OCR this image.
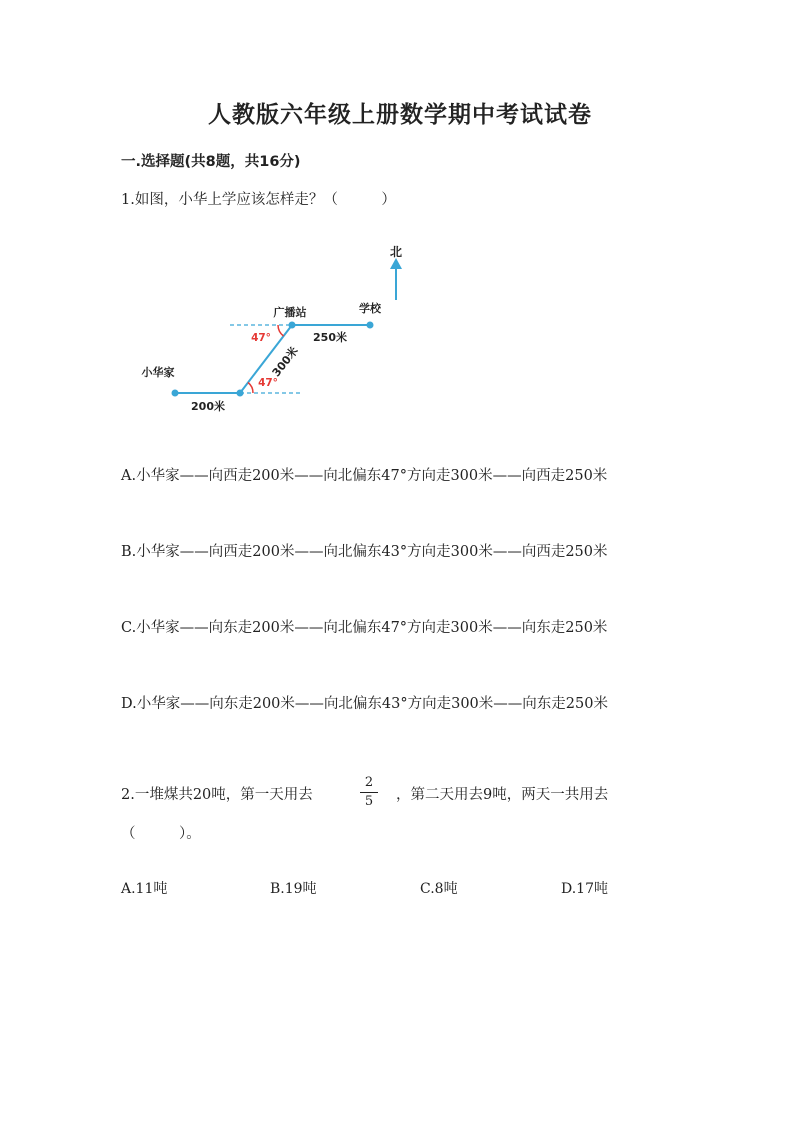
人教版六年级上册数学期中考试试卷
一.选择题(共8题，共16分)
1.如图，小华上学应该怎样走？（　　　）
北
广播站	学校
小华家
250米
300米
200米
47°
47°
A.小华家——向西走200米——向北偏东47°方向走300米——向西走250米
B.小华家——向西走200米——向北偏东43°方向走300米——向西走250米
C.小华家——向东走200米——向北偏东47°方向走300米——向东走250米
D.小华家——向东走200米——向北偏东43°方向走300米——向东走250米
2.一堆煤共20吨，第一天用去
2
5	，第二天用去9吨，两天一共用去
（　　　）。
A.11吨	B.19吨	C.8吨	D.17吨
